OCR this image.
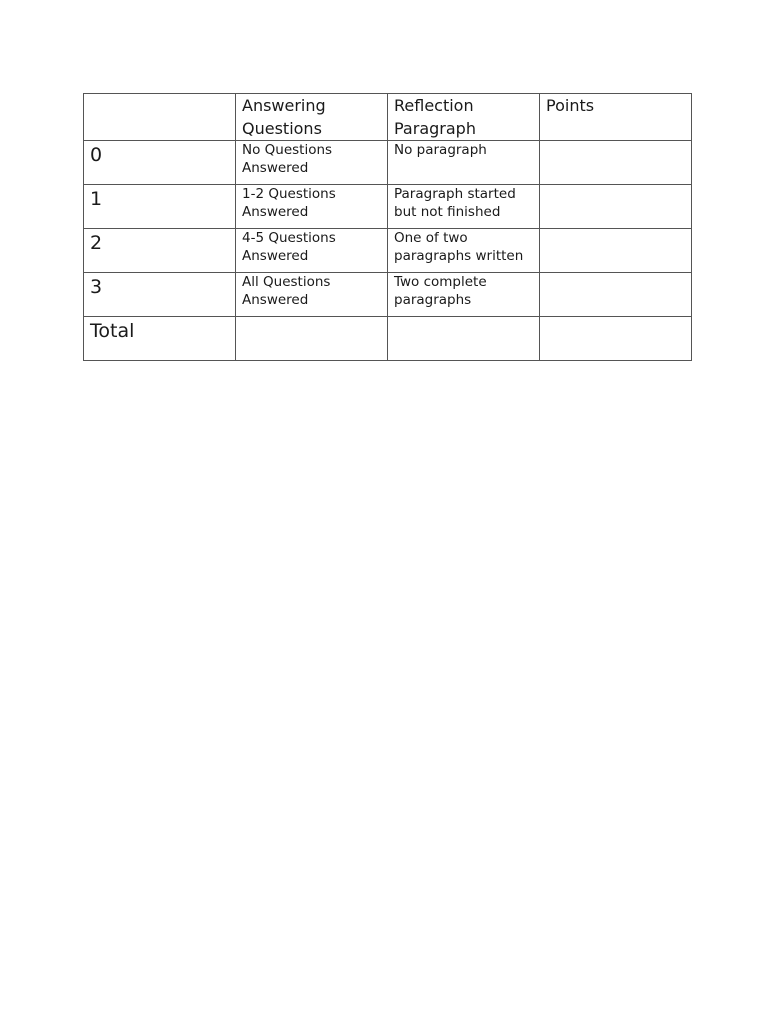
	Answering Questions	Reflection Paragraph	Points

0	No Questions Answered	No paragraph	

1	1-2 Questions Answered	Paragraph started but not finished	

2	4-5 Questions Answered	One of two paragraphs written	

3	All Questions Answered	Two complete paragraphs	

Total			
